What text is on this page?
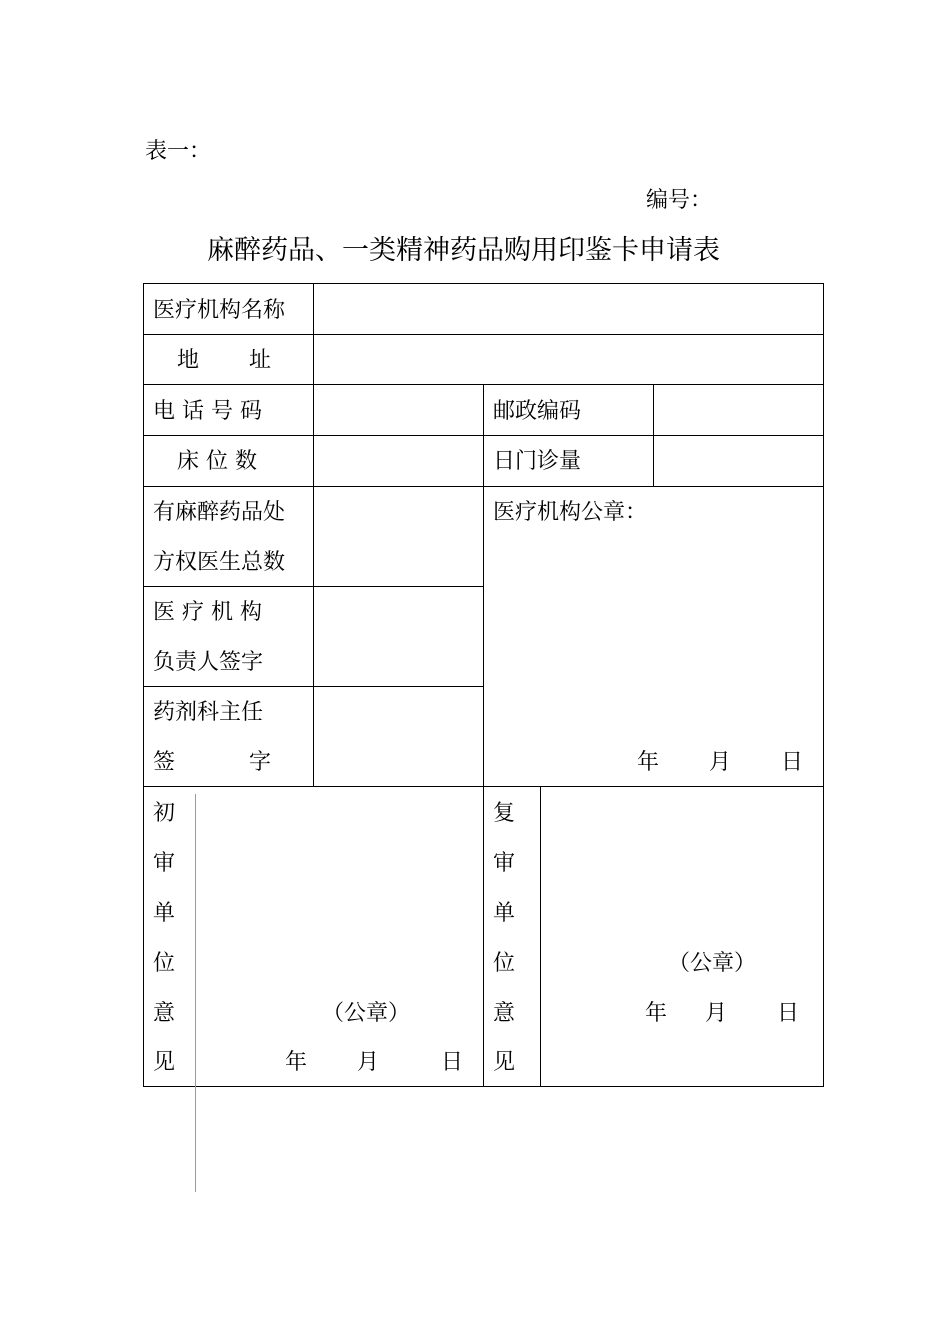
表一：
编号：
麻醉药品、一类精神药品购用印鉴卡申请表
医疗机构名称
地 址
电 话 号 码	邮政编码
床 位 数	日门诊量
有麻醉药品处
方权医生总数
医 疗 机 构
负责人签字
药剂科主任
签	字
医疗机构公章：
年 月 日
初
审
单
位
意
见
（公章）
年 月	日
复
审
单
位
意
见
（公章）
年 月 日
